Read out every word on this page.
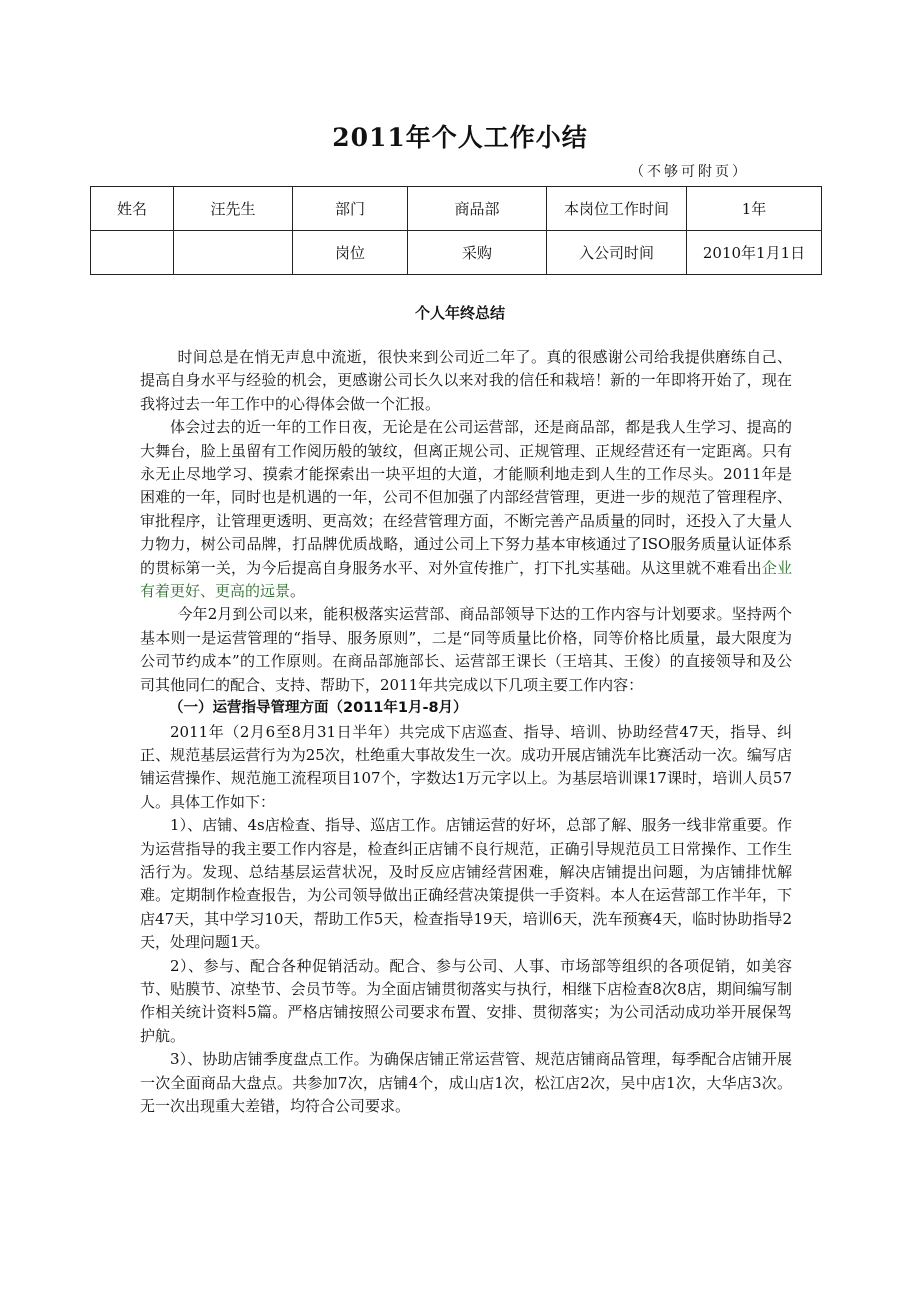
2011年个人工作小结
（不够可附页）
姓名	汪先生	部门	商品部	本岗位工作时间	1年
		岗位	采购	入公司时间	2010年1月1日
个人年终总结

时间总是在悄无声息中流逝，很快来到公司近二年了。真的很感谢公司给我提供磨练自己、提高自身水平与经验的机会，更感谢公司长久以来对我的信任和栽培！新的一年即将开始了，现在我将过去一年工作中的心得体会做一个汇报。

体会过去的近一年的工作日夜，无论是在公司运营部，还是商品部，都是我人生学习、提高的大舞台，脸上虽留有工作阅历般的皱纹，但离正规公司、正规管理、正规经营还有一定距离。只有永无止尽地学习、摸索才能探索出一块平坦的大道，才能顺利地走到人生的工作尽头。2011年是困难的一年，同时也是机遇的一年，公司不但加强了内部经营管理，更进一步的规范了管理程序、审批程序，让管理更透明、更高效；在经营管理方面，不断完善产品质量的同时，还投入了大量人力物力，树公司品牌，打品牌优质战略，通过公司上下努力基本审核通过了ISO服务质量认证体系的贯标第一关，为今后提高自身服务水平、对外宣传推广，打下扎实基础。从这里就不难看出企业有着更好、更高的远景。

今年2月到公司以来，能积极落实运营部、商品部领导下达的工作内容与计划要求。坚持两个基本则一是运营管理的“指导、服务原则”，二是“同等质量比价格，同等价格比质量，最大限度为公司节约成本”的工作原则。在商品部施部长、运营部王课长（王培其、王俊）的直接领导和及公司其他同仁的配合、支持、帮助下，2011年共完成以下几项主要工作内容：

（一）运营指导管理方面（2011年1月-8月）

2011年（2月6至8月31日半年）共完成下店巡查、指导、培训、协助经营47天，指导、纠正、规范基层运营行为为25次，杜绝重大事故发生一次。成功开展店铺洗车比赛活动一次。编写店铺运营操作、规范施工流程项目107个，字数达1万元字以上。为基层培训课17课时，培训人员57人。具体工作如下：

1）、店铺、4s店检查、指导、巡店工作。店铺运营的好坏，总部了解、服务一线非常重要。作为运营指导的我主要工作内容是，检查纠正店铺不良行规范，正确引导规范员工日常操作、工作生活行为。发现、总结基层运营状况，及时反应店铺经营困难，解决店铺提出问题，为店铺排忧解难。定期制作检查报告，为公司领导做出正确经营决策提供一手资料。本人在运营部工作半年，下店47天，其中学习10天，帮助工作5天，检查指导19天，培训6天，洗车预赛4天，临时协助指导2天，处理问题1天。

2）、参与、配合各种促销活动。配合、参与公司、人事、市场部等组织的各项促销，如美容节、贴膜节、凉垫节、会员节等。为全面店铺贯彻落实与执行，相继下店检查8次8店，期间编写制作相关统计资料5篇。严格店铺按照公司要求布置、安排、贯彻落实；为公司活动成功举开展保驾护航。

3）、协助店铺季度盘点工作。为确保店铺正常运营管、规范店铺商品管理，每季配合店铺开展一次全面商品大盘点。共参加7次，店铺4个，成山店1次，松江店2次，吴中店1次，大华店3次。无一次出现重大差错，均符合公司要求。
